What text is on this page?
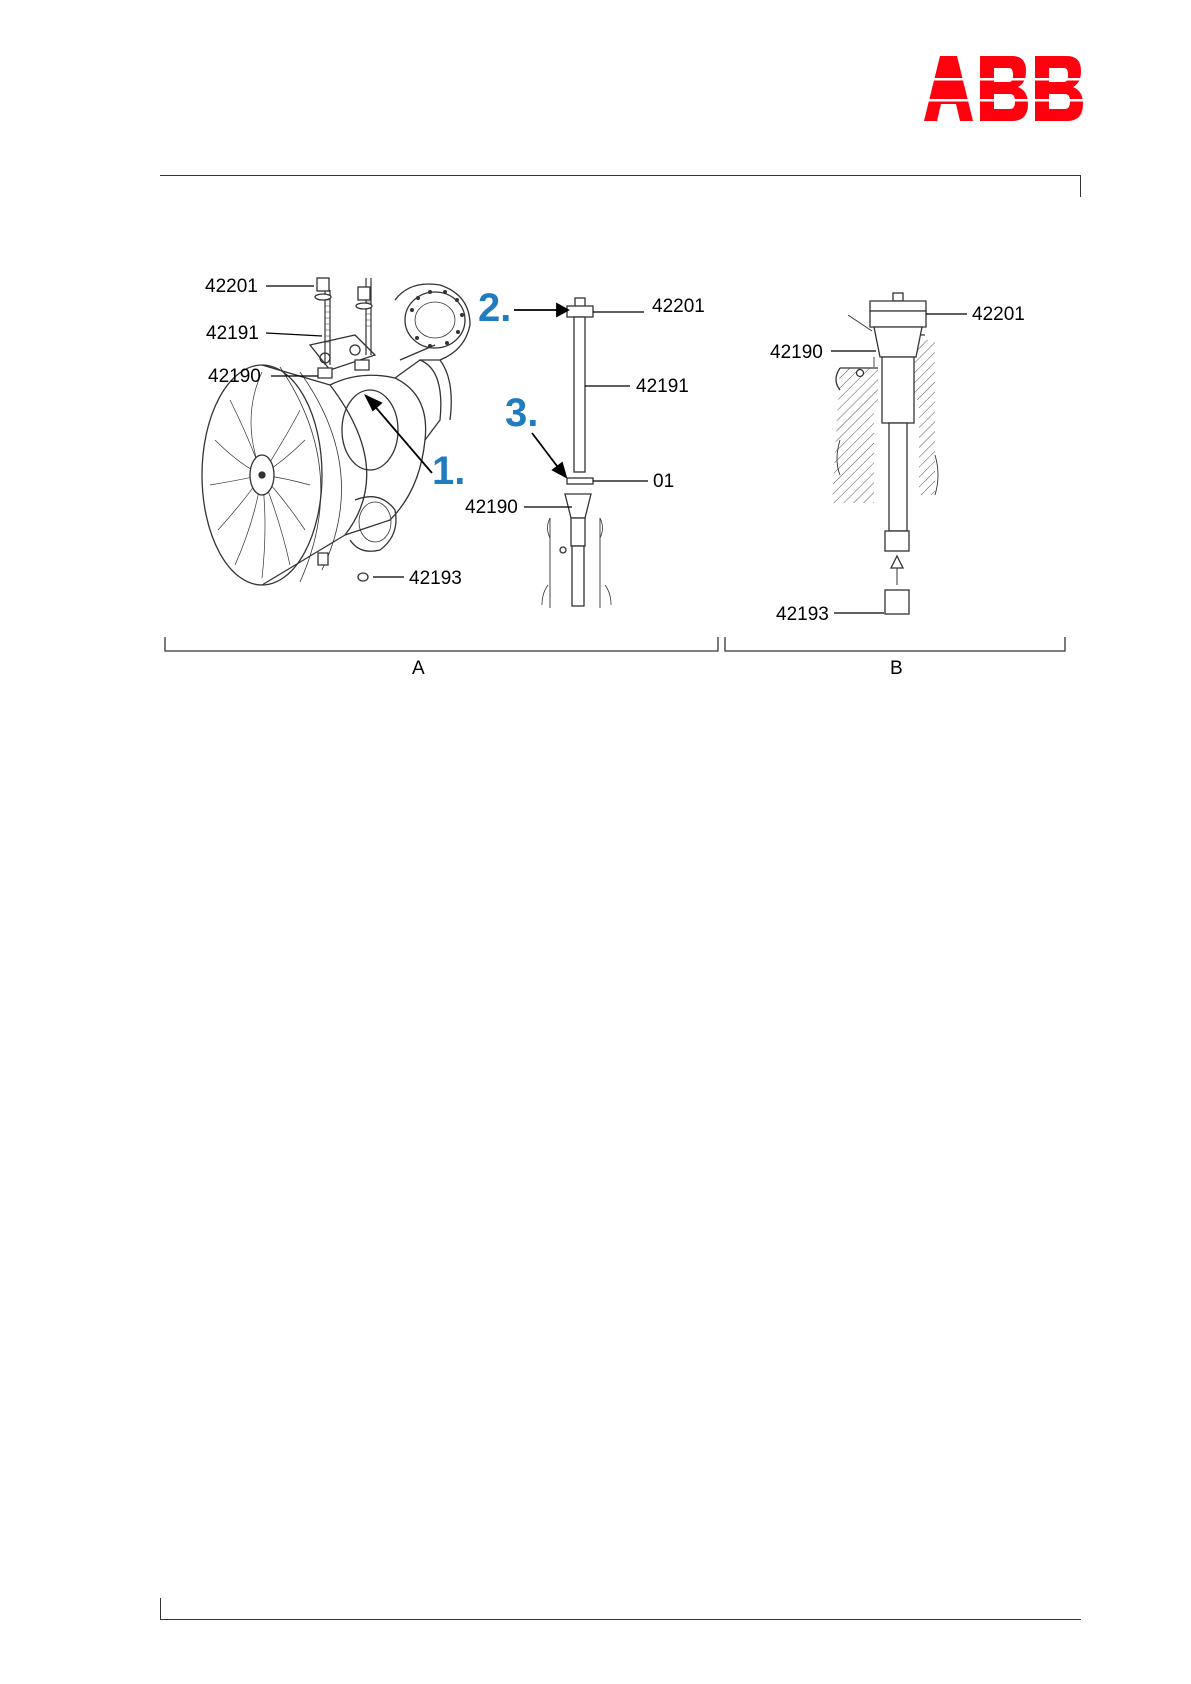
42201
42191
42190
42193
42201
42191
01
42190
1.
2.
3.
42201
42190
42193
A	B
